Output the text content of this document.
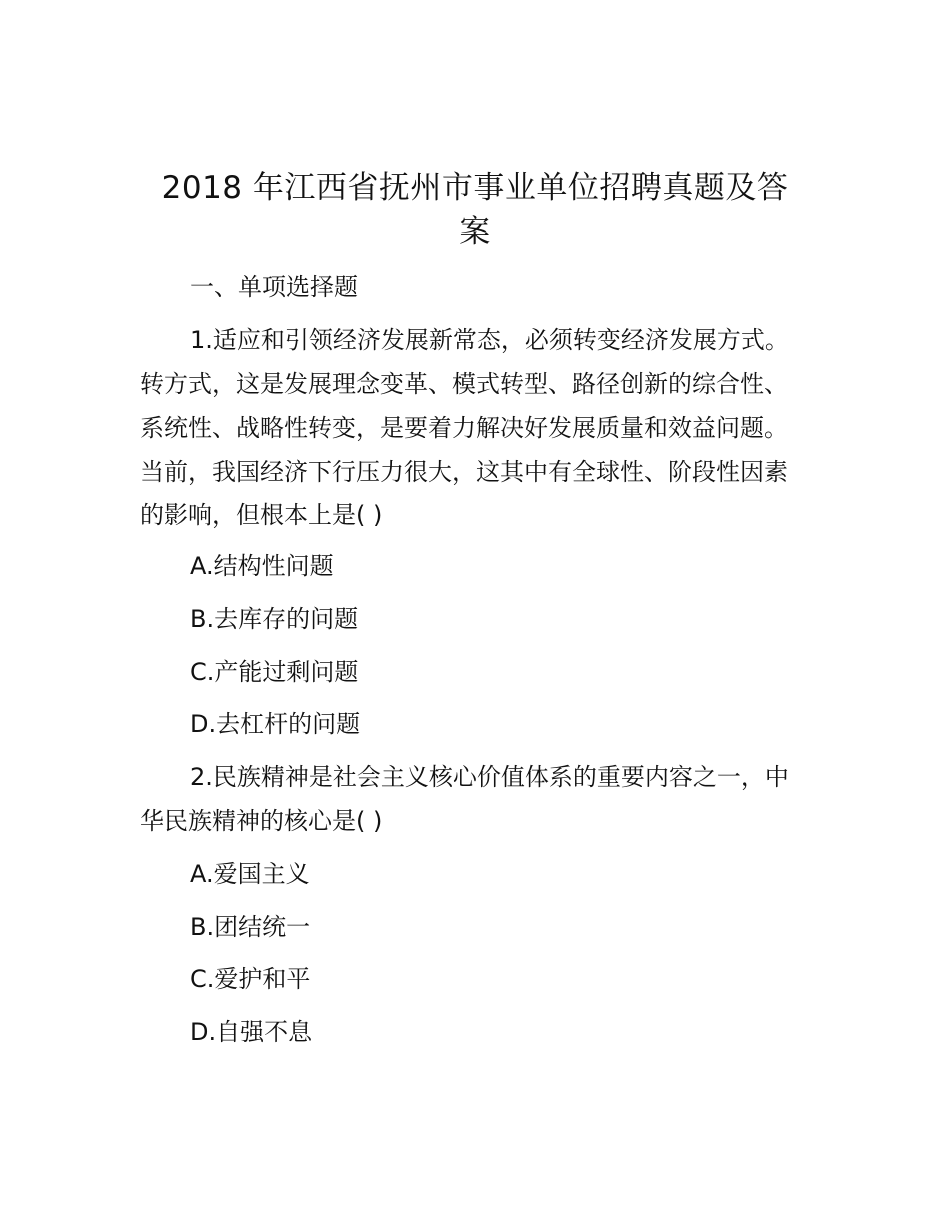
2018 年江西省抚州市事业单位招聘真题及答
案

一、单项选择题

1.适应和引领经济发展新常态，必须转变经济发展方式。

转方式，这是发展理念变革、模式转型、路径创新的综合性、

系统性、战略性转变，是要着力解决好发展质量和效益问题。

当前，我国经济下行压力很大，这其中有全球性、阶段性因素

的影响，但根本上是( )

A.结构性问题

B.去库存的问题

C.产能过剩问题

D.去杠杆的问题

2.民族精神是社会主义核心价值体系的重要内容之一，中

华民族精神的核心是( )

A.爱国主义

B.团结统一

C.爱护和平

D.自强不息
